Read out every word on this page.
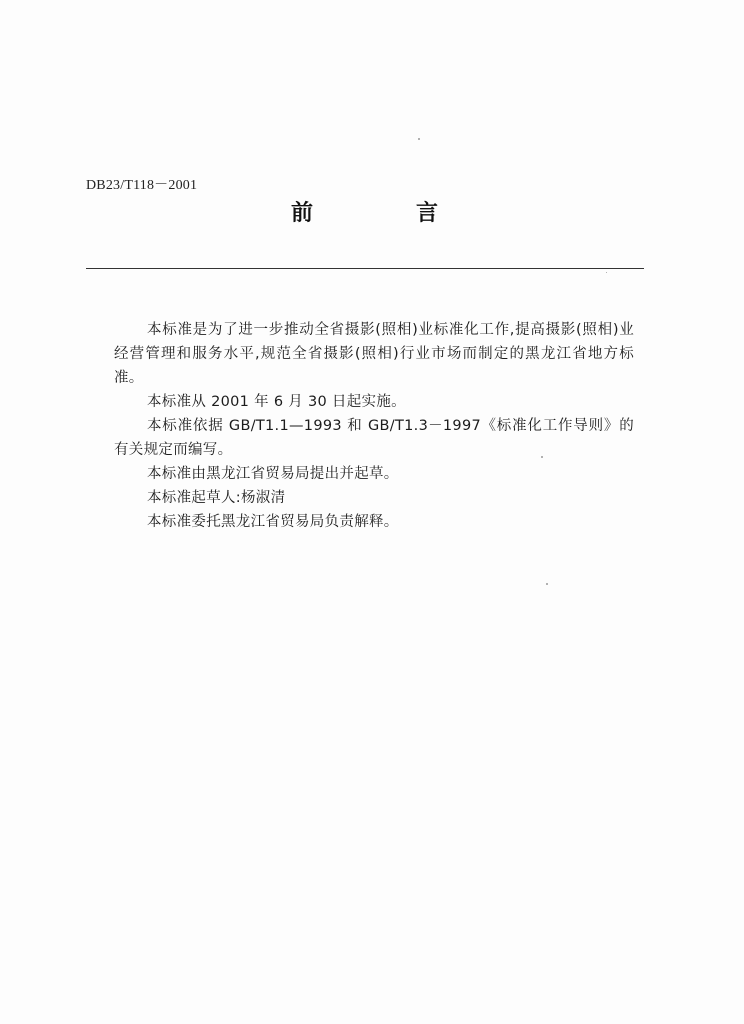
DB23/T118－2001
前	言

本标准是为了进一步推动全省摄影(照相)业标准化工作,提高摄影(照相)业经营管理和服务水平,规范全省摄影(照相)行业市场而制定的黑龙江省地方标准。

本标准从 2001 年 6 月 30 日起实施。

本标准依据 GB/T1.1—1993 和 GB/T1.3－1997《标准化工作导则》的有关规定而编写。

本标准由黑龙江省贸易局提出并起草。

本标准起草人:杨淑清

本标准委托黑龙江省贸易局负责解释。
